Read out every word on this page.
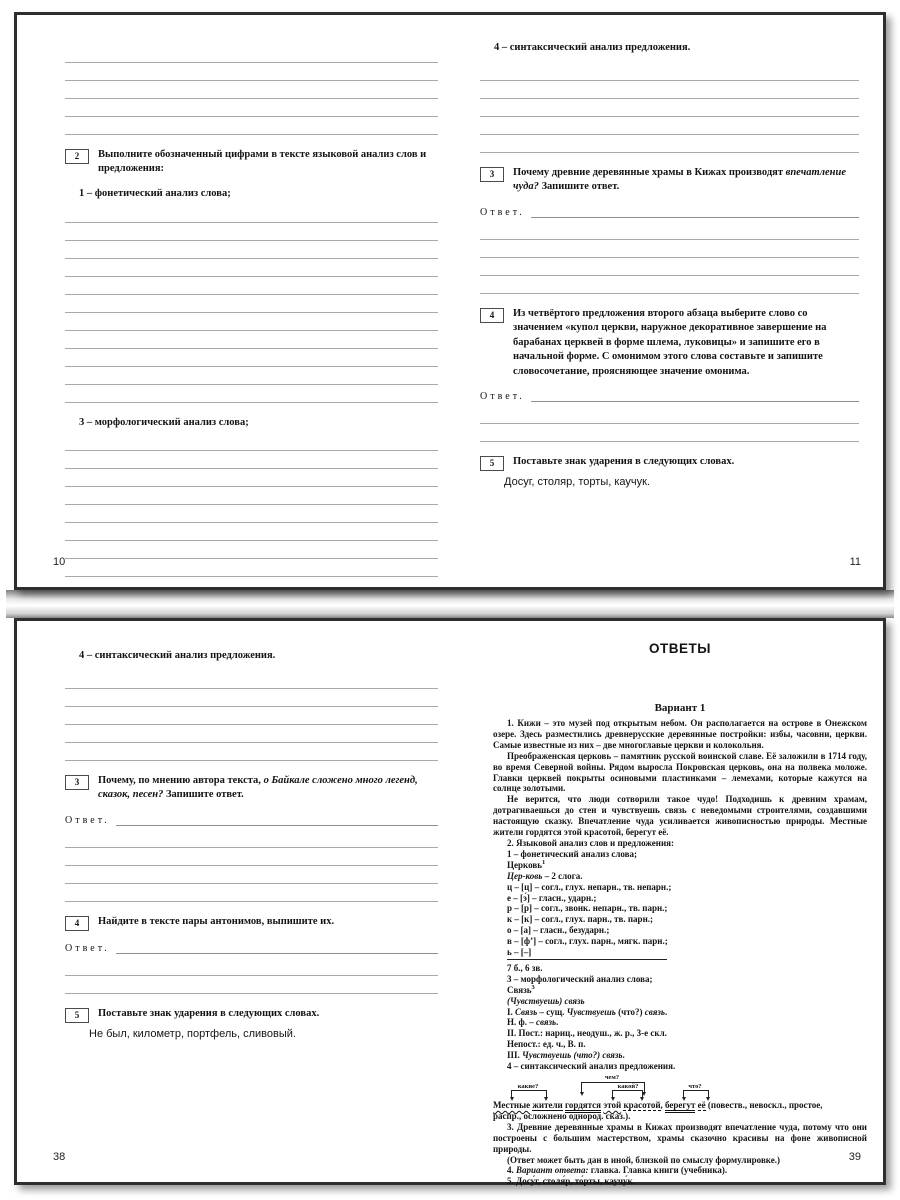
2	Выполните обозначенный цифрами в тексте языковой анализ слов и предложения:
1 – фонетический анализ слова;
3 – морфологический анализ слова;
10
4 – синтаксический анализ предложения.
3	Почему древние деревянные храмы в Кижах производят впечатление чуда? Запишите ответ.
Ответ.
4	Из четвёртого предложения второго абзаца выберите слово со значением «купол церкви, наружное декоративное завершение на барабанах церквей в форме шлема, луковицы» и запишите его в начальной форме. С омонимом этого слова составьте и запишите словосочетание, проясняющее значение омонима.
Ответ.
5	Поставьте знак ударения в следующих словах.
Досуг, столяр, торты, каучук.
11
4 – синтаксический анализ предложения.
3	Почему, по мнению автора текста, о Байкале сложено много легенд, сказок, песен? Запишите ответ.
Ответ.
4	Найдите в тексте пары антонимов, выпишите их.
Ответ.
5	Поставьте знак ударения в следующих словах.
Не был, километр, портфель, сливовый.
38
ОТВЕТЫ
Вариант 1
1. Кижи – это музей под открытым небом. Он располагается на острове в Онежском озере. Здесь разместились древнерусские деревянные постройки: избы, часовни, церкви. Самые известные из них – две многоглавые церкви и колокольня.
Преображенская церковь – памятник русской воинской славе. Её заложили в 1714 году, во время Северной войны. Рядом выросла Покровская церковь, она на полвека моложе. Главки церквей покрыты осиновыми пластинками – лемехами, которые кажутся на солнце золотыми.
Не верится, что люди сотворили такое чудо! Подходишь к древним храмам, дотрагиваешься до стен и чувствуешь связь с неведомыми строителями, создавшими настоящую сказку. Впечатление чуда усиливается живописностью природы. Местные жители гордятся этой красотой, берегут её.
2. Языковой анализ слов и предложения:
1 – фонетический анализ слова;
Церковь$^1$
Цер-ковь – 2 слога.
ц – [ц] – согл., глух. непарн., тв. непарн.;
е – [э́] – гласн., ударн.;
р – [р] – согл., звонк. непарн., тв. парн.;
к – [к] – согл., глух. парн., тв. парн.;
о – [а] – гласн., безударн.;
в – [ф’] – согл., глух. парн., мягк. парн.;
ь – [–]
7 б., 6 зв.
3 – морфологический анализ слова;
Связь$^3$
(Чувствуешь) связь
I. Связь – сущ. Чувствуешь (что?) связь.
Н. ф. – связь.
II. Пост.: нариц., неодуш., ж. р., 3-е скл.
Непост.: ед. ч., В. п.
III. Чувствуешь (что?) связь.
4 – синтаксический анализ предложения.
чем?
какие?	какой?	что?
Местные жители гордятся этой красотой, берегут её (повеств., невоскл., простое,
распр., осложнено однород. сказ.).
3. Древние деревянные храмы в Кижах производят впечатление чуда, потому что они построены с большим мастерством, храмы сказочно красивы на фоне живописной природы.
(Ответ может быть дан в иной, близкой по смыслу формулировке.)
4. Вариант ответа: главка. Главка книги (учебника).
5. Досу́г, столя́р, то́рты, каучу́к.
39
